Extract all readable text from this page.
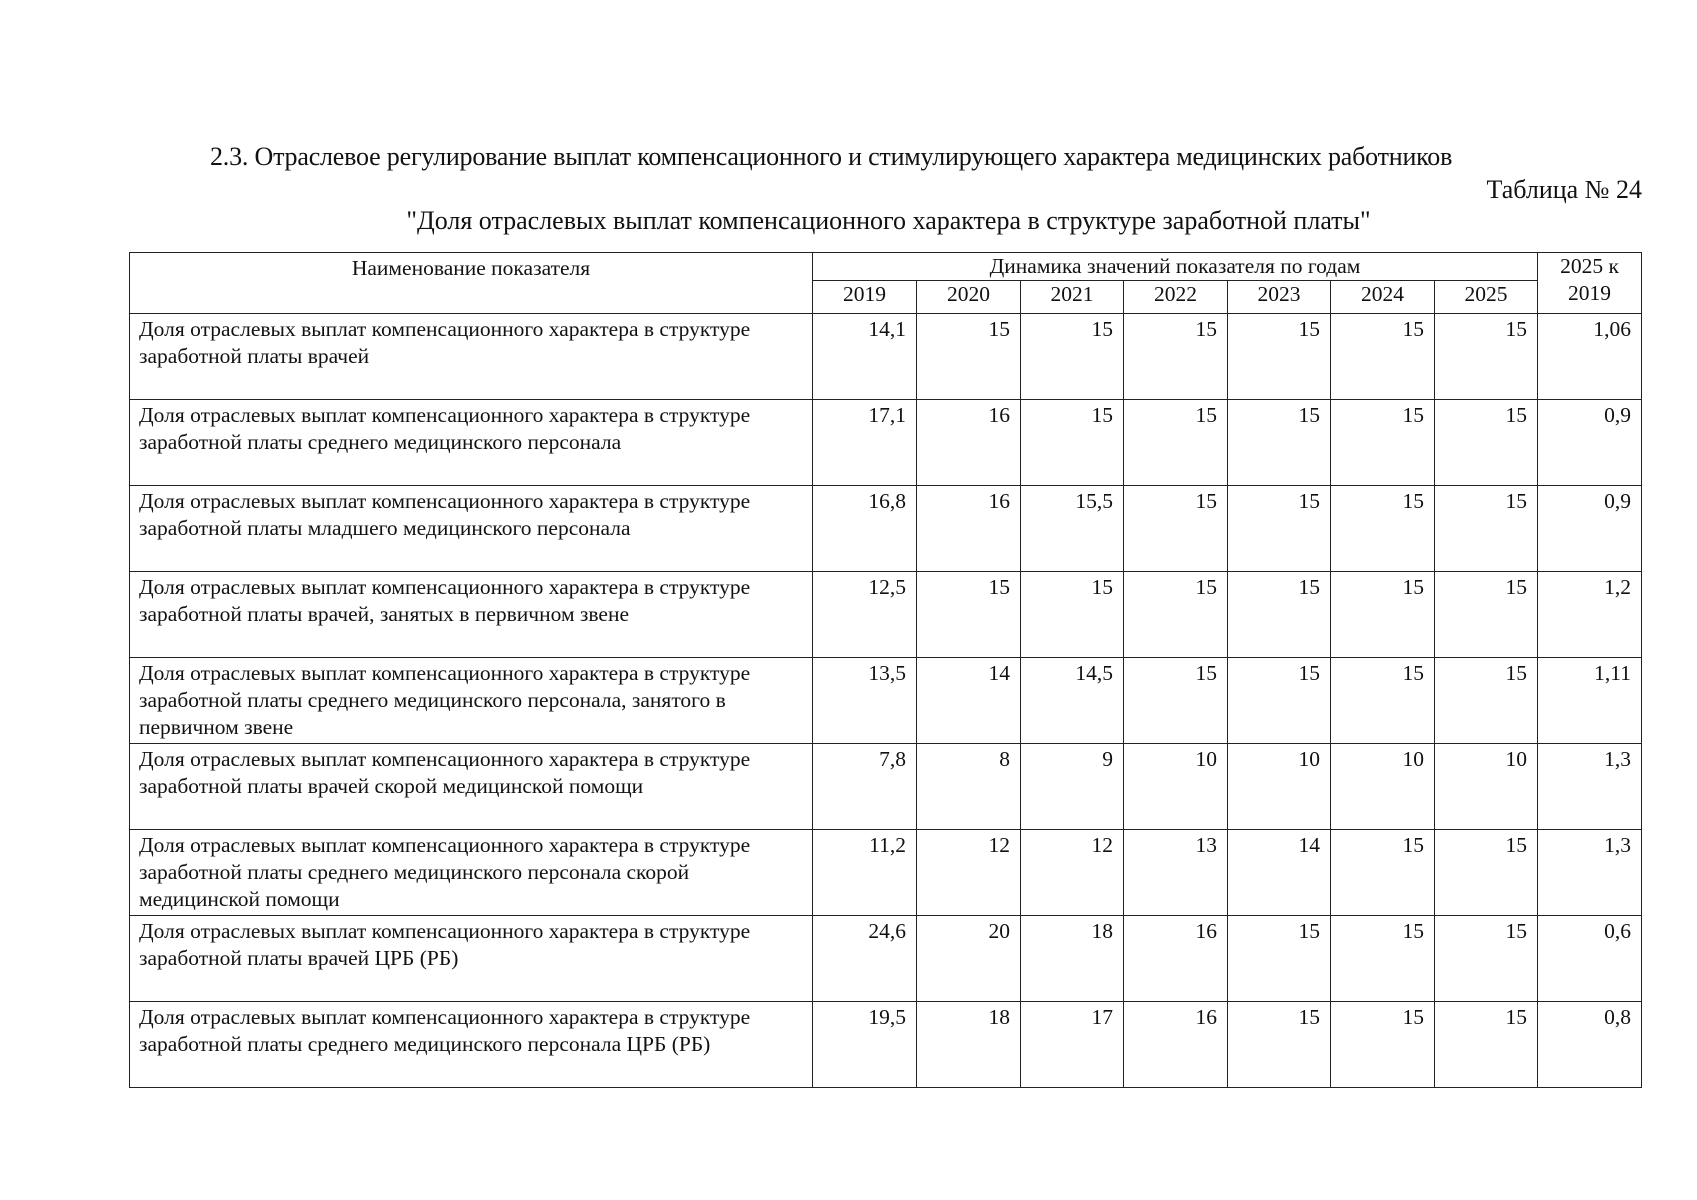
2.3. Отраслевое регулирование выплат компенсационного и стимулирующего характера медицинских работников
Таблица № 24
"Доля отраслевых выплат компенсационного характера в структуре заработной платы"
Наименование показателя	Динамика значений показателя по годам							2025 к 2019
	2019	2020	2021	2022	2023	2024	2025	
Доля отраслевых выплат компенсационного характера в структуре заработной платы врачей	14,1	15	15	15	15	15	15	1,06
Доля отраслевых выплат компенсационного характера в структуре заработной платы среднего медицинского персонала	17,1	16	15	15	15	15	15	0,9
Доля отраслевых выплат компенсационного характера в структуре заработной платы младшего медицинского персонала	16,8	16	15,5	15	15	15	15	0,9
Доля отраслевых выплат компенсационного характера в структуре заработной платы врачей, занятых в первичном звене	12,5	15	15	15	15	15	15	1,2
Доля отраслевых выплат компенсационного характера в структуре заработной платы среднего медицинского персонала, занятого в первичном звене	13,5	14	14,5	15	15	15	15	1,11
Доля отраслевых выплат компенсационного характера в структуре заработной платы врачей скорой медицинской помощи	7,8	8	9	10	10	10	10	1,3
Доля отраслевых выплат компенсационного характера в структуре заработной платы среднего медицинского персонала скорой медицинской помощи	11,2	12	12	13	14	15	15	1,3
Доля отраслевых выплат компенсационного характера в структуре заработной платы врачей ЦРБ (РБ)	24,6	20	18	16	15	15	15	0,6
Доля отраслевых выплат компенсационного характера в структуре заработной платы среднего медицинского персонала ЦРБ (РБ)	19,5	18	17	16	15	15	15	0,8
